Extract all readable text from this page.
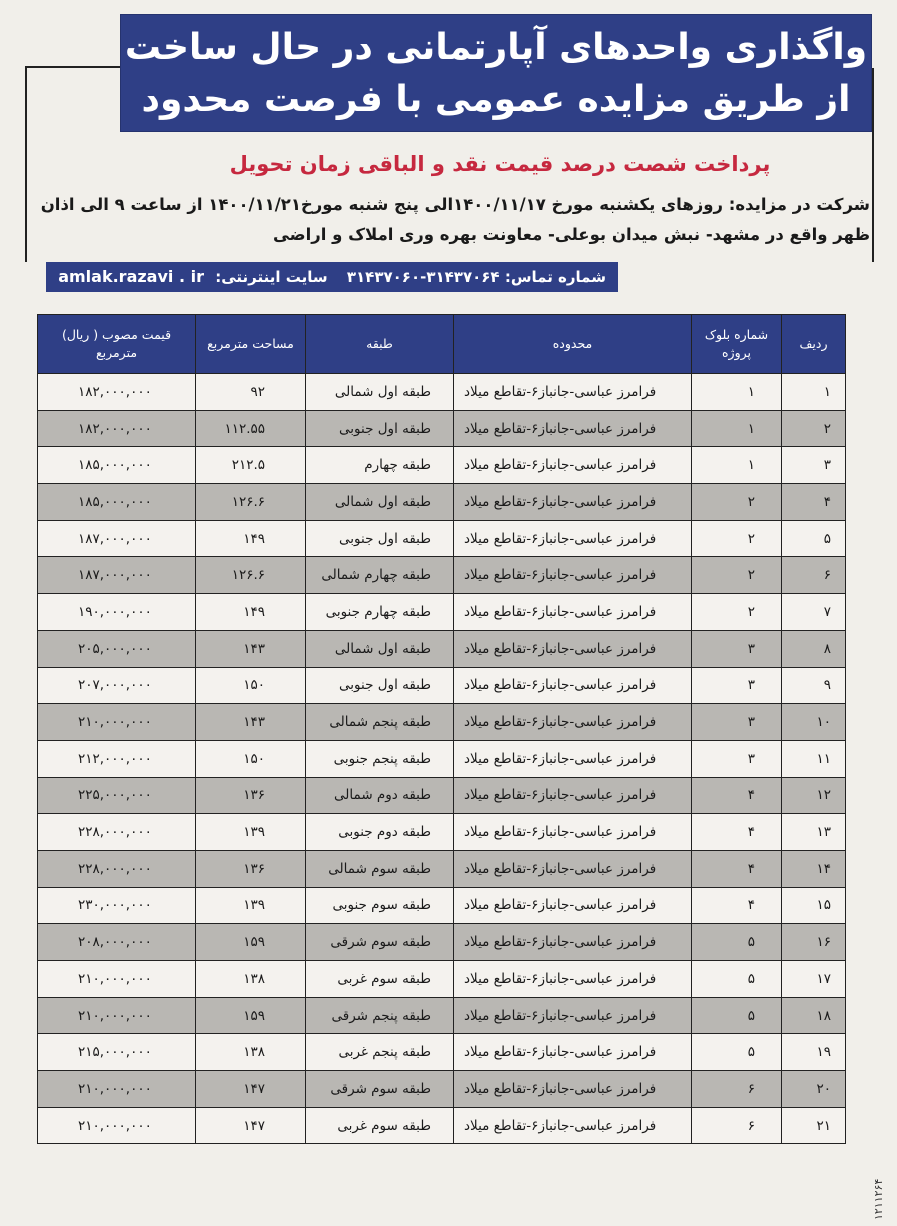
واگذاری واحدهای آپارتمانی در حال ساخت
از طریق مزایده عمومی با فرصت محدود
پرداخت شصت درصد قیمت نقد و الباقی زمان تحویل
شرکت در مزایده: روزهای یکشنبه مورخ ۱۴۰۰/۱۱/۱۷الی پنج شنبه مورخ۱۴۰۰/۱۱/۲۱ از ساعت ۹ الی اذان
ظهر واقع در مشهد- نبش میدان بوعلی- معاونت بهره وری املاک و اراضی
شماره تماس: ۳۱۴۳۷۰۶۴-۳۱۴۳۷۰۶۰ سایت اینترنتی: amlak.razavi . ir
ردیف	شماره بلوک پروژه	محدوده	طبقه	مساحت مترمربع	قیمت مصوب ( ریال) مترمربع
۱	۱	فرامرز عباسی-جانباز۶-تقاطع میلاد	طبقه اول شمالی	۹۲	۱۸۲,۰۰۰,۰۰۰
۲	۱	فرامرز عباسی-جانباز۶-تقاطع میلاد	طبقه اول جنوبی	۱۱۲.۵۵	۱۸۲,۰۰۰,۰۰۰
۳	۱	فرامرز عباسی-جانباز۶-تقاطع میلاد	طبقه چهارم	۲۱۲.۵	۱۸۵,۰۰۰,۰۰۰
۴	۲	فرامرز عباسی-جانباز۶-تقاطع میلاد	طبقه اول شمالی	۱۲۶.۶	۱۸۵,۰۰۰,۰۰۰
۵	۲	فرامرز عباسی-جانباز۶-تقاطع میلاد	طبقه اول جنوبی	۱۴۹	۱۸۷,۰۰۰,۰۰۰
۶	۲	فرامرز عباسی-جانباز۶-تقاطع میلاد	طبقه چهارم شمالی	۱۲۶.۶	۱۸۷,۰۰۰,۰۰۰
۷	۲	فرامرز عباسی-جانباز۶-تقاطع میلاد	طبقه چهارم جنوبی	۱۴۹	۱۹۰,۰۰۰,۰۰۰
۸	۳	فرامرز عباسی-جانباز۶-تقاطع میلاد	طبقه اول شمالی	۱۴۳	۲۰۵,۰۰۰,۰۰۰
۹	۳	فرامرز عباسی-جانباز۶-تقاطع میلاد	طبقه اول جنوبی	۱۵۰	۲۰۷,۰۰۰,۰۰۰
۱۰	۳	فرامرز عباسی-جانباز۶-تقاطع میلاد	طبقه پنجم شمالی	۱۴۳	۲۱۰,۰۰۰,۰۰۰
۱۱	۳	فرامرز عباسی-جانباز۶-تقاطع میلاد	طبقه پنجم جنوبی	۱۵۰	۲۱۲,۰۰۰,۰۰۰
۱۲	۴	فرامرز عباسی-جانباز۶-تقاطع میلاد	طبقه دوم شمالی	۱۳۶	۲۲۵,۰۰۰,۰۰۰
۱۳	۴	فرامرز عباسی-جانباز۶-تقاطع میلاد	طبقه دوم جنوبی	۱۳۹	۲۲۸,۰۰۰,۰۰۰
۱۴	۴	فرامرز عباسی-جانباز۶-تقاطع میلاد	طبقه سوم شمالی	۱۳۶	۲۲۸,۰۰۰,۰۰۰
۱۵	۴	فرامرز عباسی-جانباز۶-تقاطع میلاد	طبقه سوم جنوبی	۱۳۹	۲۳۰,۰۰۰,۰۰۰
۱۶	۵	فرامرز عباسی-جانباز۶-تقاطع میلاد	طبقه سوم شرقی	۱۵۹	۲۰۸,۰۰۰,۰۰۰
۱۷	۵	فرامرز عباسی-جانباز۶-تقاطع میلاد	طبقه سوم غربی	۱۳۸	۲۱۰,۰۰۰,۰۰۰
۱۸	۵	فرامرز عباسی-جانباز۶-تقاطع میلاد	طبقه پنجم شرقی	۱۵۹	۲۱۰,۰۰۰,۰۰۰
۱۹	۵	فرامرز عباسی-جانباز۶-تقاطع میلاد	طبقه پنجم غربی	۱۳۸	۲۱۵,۰۰۰,۰۰۰
۲۰	۶	فرامرز عباسی-جانباز۶-تقاطع میلاد	طبقه سوم شرقی	۱۴۷	۲۱۰,۰۰۰,۰۰۰
۲۱	۶	فرامرز عباسی-جانباز۶-تقاطع میلاد	طبقه سوم غربی	۱۴۷	۲۱۰,۰۰۰,۰۰۰
۱۲۱۱۲۶۴
